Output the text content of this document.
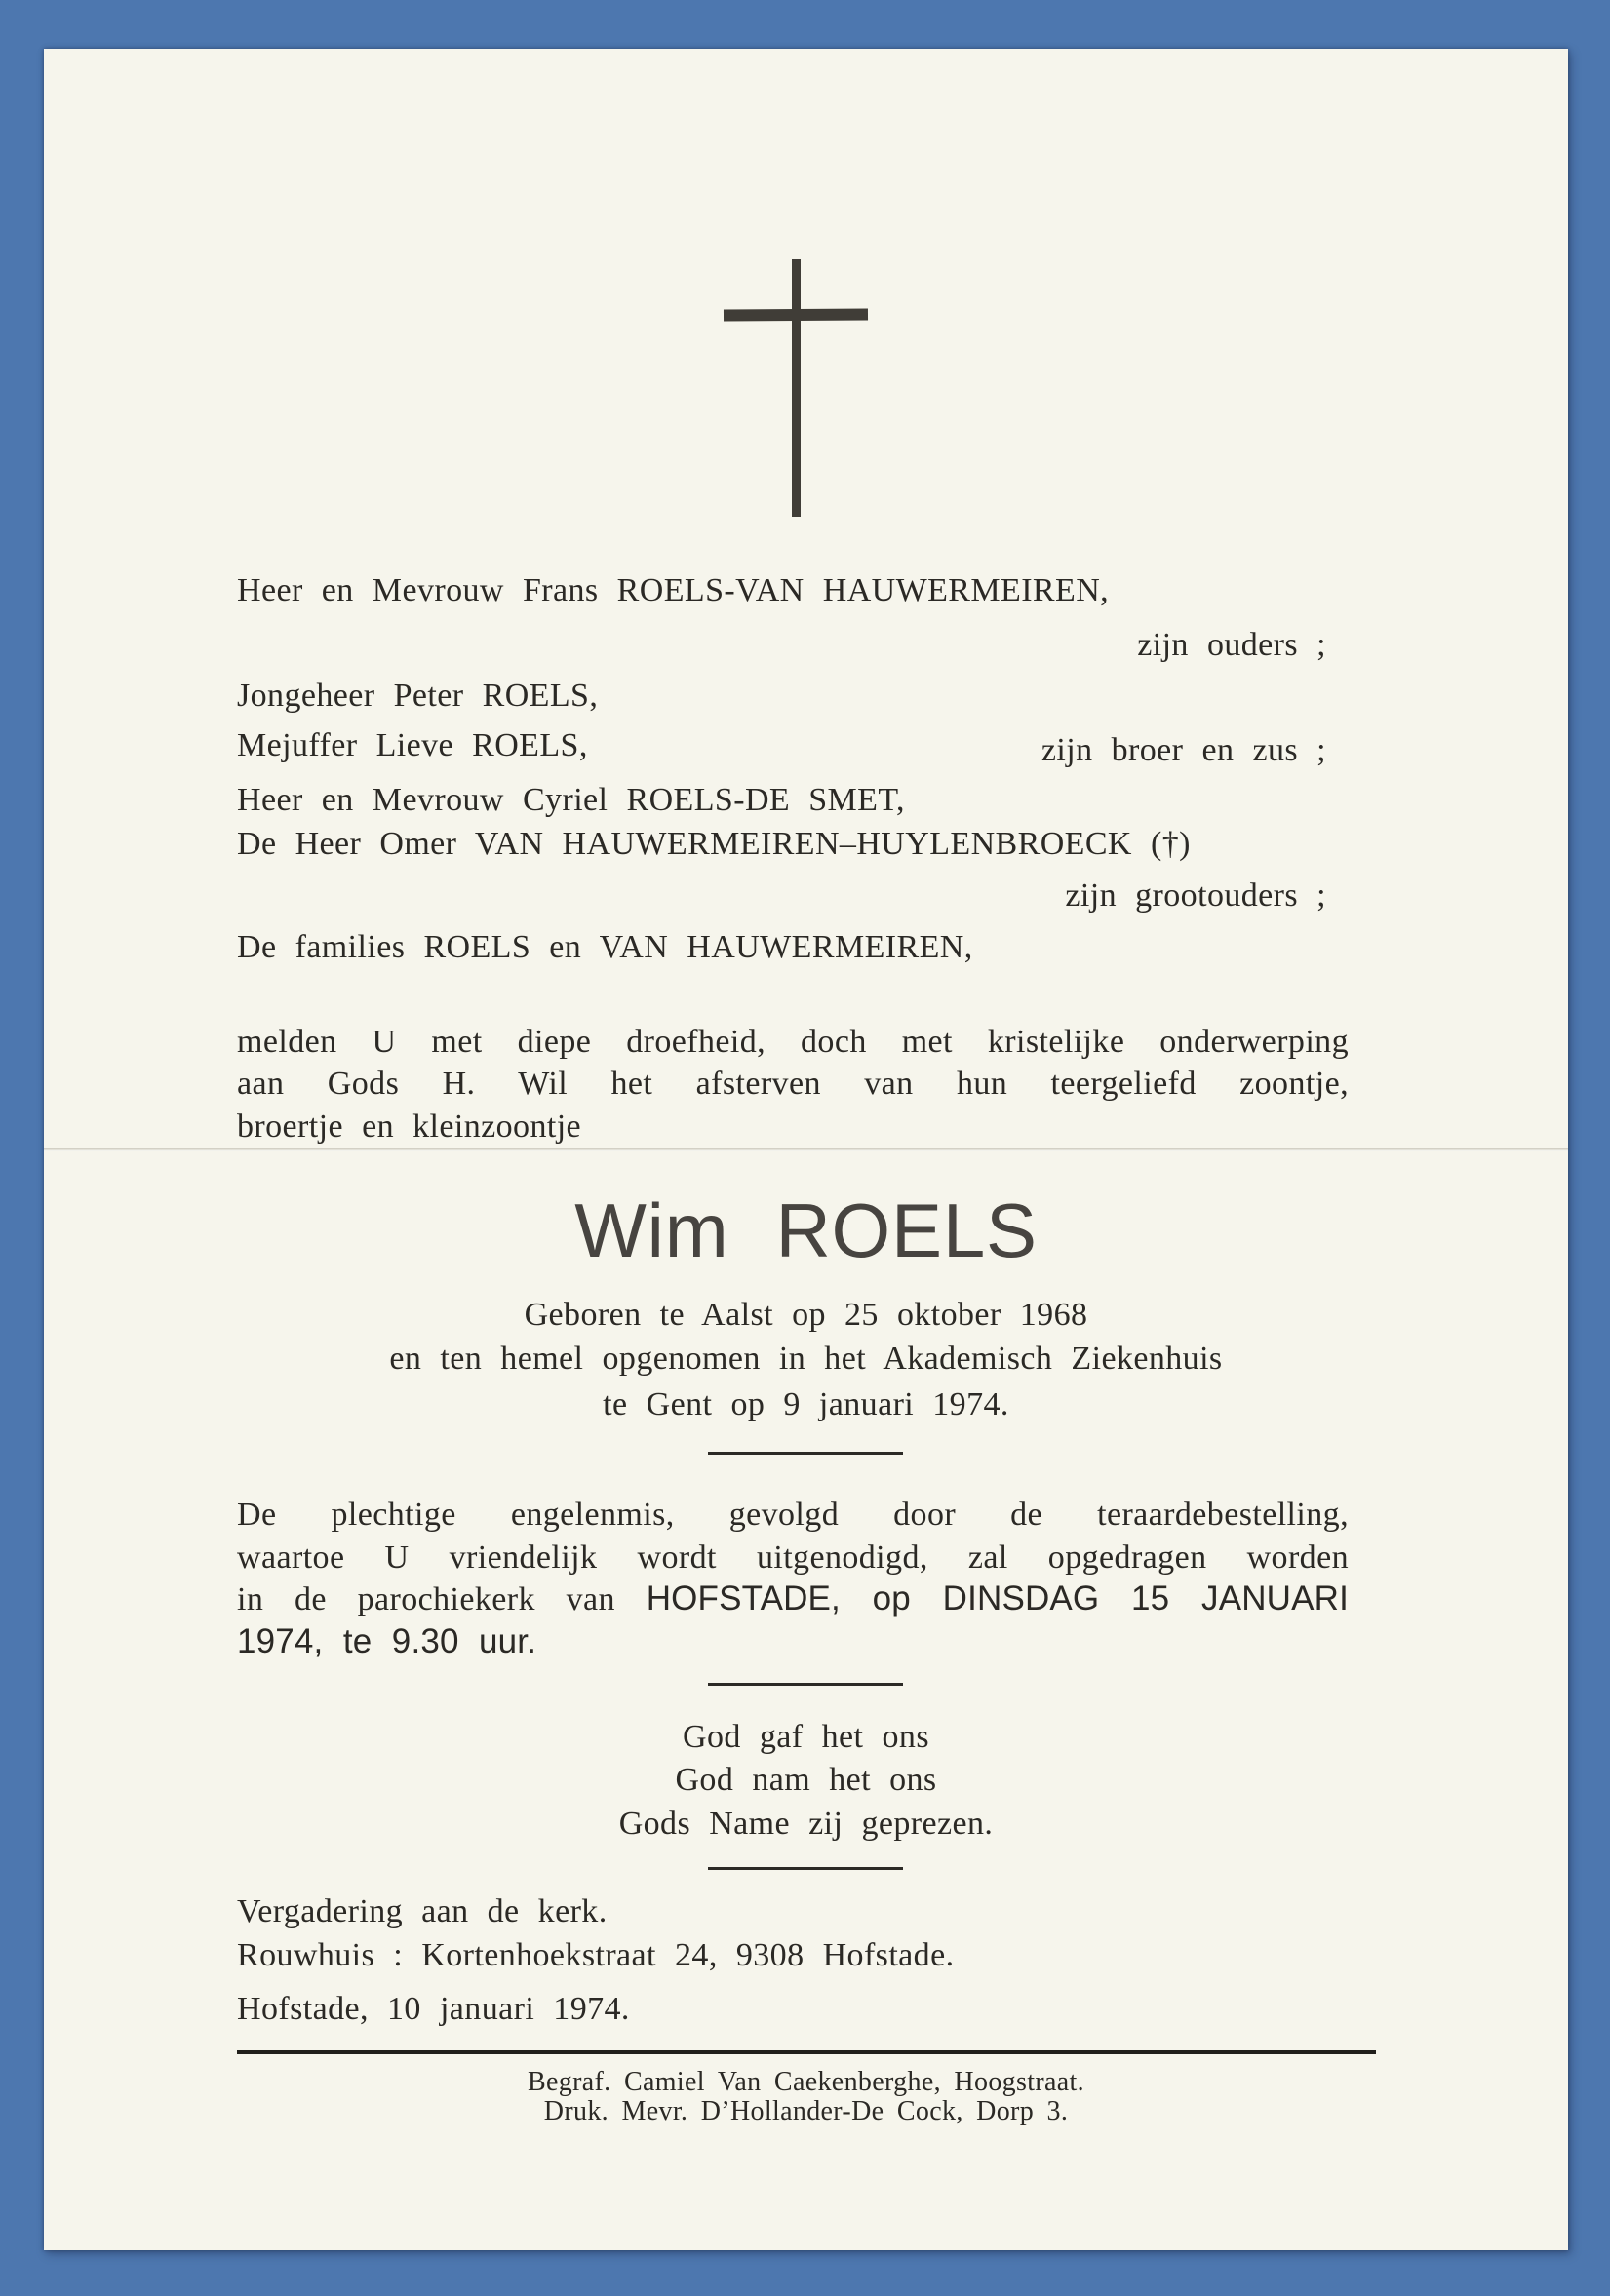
Heer en Mevrouw Frans ROELS-VAN HAUWERMEIREN,
zijn ouders ;
Jongeheer Peter ROELS,
Mejuffer Lieve ROELS,	zijn broer en zus ;
Heer en Mevrouw Cyriel ROELS-DE SMET,
De Heer Omer VAN HAUWERMEIREN–HUYLENBROECK (†)
zijn grootouders ;
De families ROELS en VAN HAUWERMEIREN,
melden U met diepe droefheid, doch met kristelijke onderwerping
aan Gods H. Wil het afsterven van hun teergeliefd zoontje,
broertje en kleinzoontje
Wim ROELS
Geboren te Aalst op 25 oktober 1968
en ten hemel opgenomen in het Akademisch Ziekenhuis
te Gent op 9 januari 1974.
De plechtige engelenmis, gevolgd door de teraardebestelling,
waartoe U vriendelijk wordt uitgenodigd, zal opgedragen worden
in de parochiekerk van HOFSTADE, op DINSDAG 15 JANUARI
1974, te 9.30 uur.
God gaf het ons
God nam het ons
Gods Name zij geprezen.
Vergadering aan de kerk.
Rouwhuis : Kortenhoekstraat 24, 9308 Hofstade.
Hofstade, 10 januari 1974.
Begraf. Camiel Van Caekenberghe, Hoogstraat.
Druk. Mevr. D’Hollander-De Cock, Dorp 3.
